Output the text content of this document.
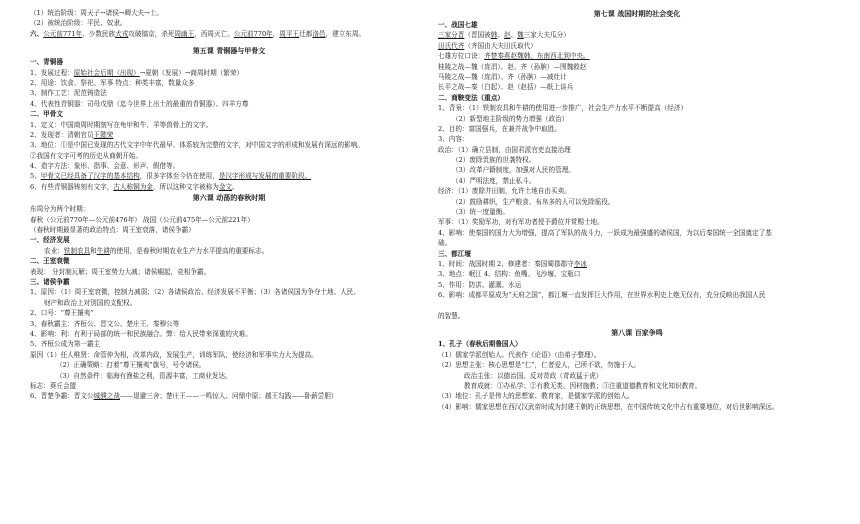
（1）统治阶级：周天子→诸侯→卿大夫→士。
（2）被统治阶级：平民、奴隶。
六、公元前771年，少数民族犬戎攻破镐京，杀死周幽王，西周灭亡。公元前770年，周平王迁都洛邑，建立东周。
第五课 青铜器与甲骨文
一、青铜器
1、发展过程：原始社会后期（出现）→夏朝（发展）→商周时期（繁荣）
2、用途：饮食、祭祀、军事 特点：种类丰富，数量众多
3、制作工艺：泥范铸造法
4、代表性青铜器：司母戊鼎（迄今世界上出土的最重的青铜器）、四羊方尊
二、甲骨文
1、定义：中国商周时期刻写在龟甲和牛、羊等兽骨上的文字。
2、发现者：清朝官员王懿荣
3、地位：①是中国已发现的古代文字中年代最早、体系较为完整的文字，对中国文字的形成和发展有深远的影响。
②我国有文字可考的历史从商朝开始。
4、造字方法：象形、指事、会意、形声、假借等。
5、甲骨文已经具备了汉字的基本结构，很多字体至今仍在使用，是汉字形成与发展的重要阶段。
6、有些青铜器铸刻有文字，古人称铜为金，所以这种文字被称为金文。
第六课 动荡的春秋时期
东周分为两个时期：
春秋（公元前770年—公元前476年） 战国（公元前475年—公元前221年）
（春秋时期最显著的政治特点：周王室衰落，诸侯争霸）
一、经济发展
农业：铁制农具和牛耕的使用，是春秋时期农业生产力水平提高的重要标志。
二、王室衰微
表现： 分封制瓦解；周王室势力大减；诸侯崛起，竞相争霸。
三、诸侯争霸
1、原因：（1）周王室衰微，控制力减弱；（2）各诸侯政治、经济发展不平衡；（3）各诸侯国为争夺土地、人民、
财产和政治上对别国的支配权。
2、口号：“尊王攘夷”
3、春秋霸主：齐桓公、晋文公、楚庄王、秦穆公等
4、影响：利：有利于局部的统一和民族融合。弊：给人民带来深重的灾难。
5、齐桓公成为第一霸主
原因（1）任人唯贤：命管仲为相，改革内政，发展生产，训练军队，使经济和军事实力大为提高。
（2）正确策略：打着“尊王攘夷”旗号，号令诸侯。
（3）自然条件：临海有渔盐之利，资源丰富，工商业发达。
标志：葵丘会盟
6、晋楚争霸：晋文公城濮之战——退避三舍；楚庄王——一鸣惊人、问鼎中原；越王勾践——卧薪尝胆）
第七课 战国时期的社会变化
一、战国七雄
三家分晋（晋国被韩、赵、魏三家大夫瓜分）
田氏代齐（齐国由大夫田氏取代）
七雄方位口诀：齐楚秦燕赵魏韩，东南西北到中央。
桂陵之战—魏（庞涓）、赵、齐（孙膑）—围魏救赵
马陵之战—魏（庞涓）、齐（孙膑）—减灶计
长平之战—秦（白起）、赵（赵括）—纸上谈兵
二、商鞅变法（重点）
1、背景：（1）铁制农具和牛耕的使用进一步推广，社会生产力水平不断提高（经济）
（2）新型地主阶级的势力增强（政治）
2、目的：富国强兵，在兼并战争中取胜。
3、内容：
政治：（1）确立县制，由国君派官吏直接治理
（2）废除贵族的世袭特权。
（3）改革户籍制度，加强对人民的管理。
（4）严明法度，禁止私斗。
经济：（1）废除井田制，允许土地自由买卖。
（2）鼓励耕织，生产粮食、布帛多的人可以免除徭役。
（3）统一度量衡。
军事：（1）奖励军功，对有军功者授予爵位并赏赐土地。
4、影响：使秦国的国力大为增强，提高了军队的战斗力，一跃成为最强盛的诸侯国，为以后秦国统一全国奠定了基
础。
三、都江堰
1、时间：战国时期 2、修建者：秦国蜀郡郡守李冰
3、地点：岷江 4、结构：鱼嘴、飞沙堰、宝瓶口
5、作用：防洪、灌溉、水运
6、影响：成都平原成为“天府之国”，都江堰一直发挥巨大作用，在世界水利史上绝无仅有，充分反映出我国人民
的智慧。
第八课 百家争鸣
1、孔子（春秋后期鲁国人）
（1）儒家学派创始人。代表作《论语》（由弟子整理）。
（2）思想主张：核心思想是“仁”，仁者爱人，己所不欲，勿施于人。
政治主张：以德治国、反对苛政（苛政猛于虎）
教育成就：①办私学；②有教无类、因材施教；③注重道德教育和文化知识教育。
（3）地位：孔子是伟大的思想家、教育家，是儒家学派的创始人。
（4）影响：儒家思想在西汉汉武帝时成为封建王朝的正统思想，在中国传统文化中占有重要地位，对后世影响深远。
